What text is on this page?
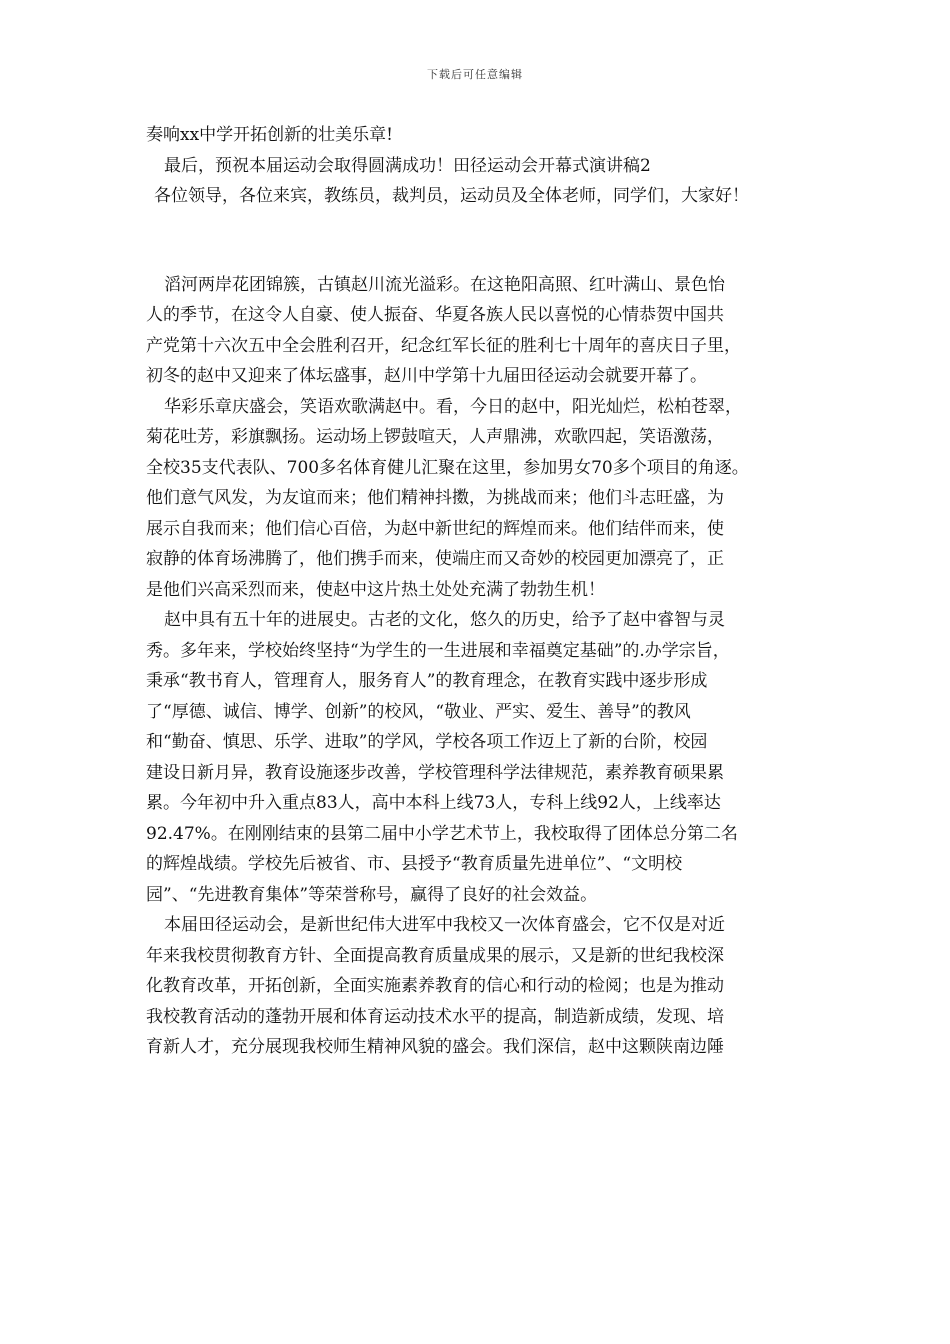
下载后可任意编辑
奏响xx中学开拓创新的壮美乐章!
最后，预祝本届运动会取得圆满成功！田径运动会开幕式演讲稿2
各位领导，各位来宾，教练员，裁判员，运动员及全体老师，同学们，大家好！
滔河两岸花团锦簇，古镇赵川流光溢彩。在这艳阳高照、红叶满山、景色怡
人的季节，在这令人自豪、使人振奋、华夏各族人民以喜悦的心情恭贺中国共
产党第十六次五中全会胜利召开，纪念红军长征的胜利七十周年的喜庆日子里，
初冬的赵中又迎来了体坛盛事，赵川中学第十九届田径运动会就要开幕了。
华彩乐章庆盛会，笑语欢歌满赵中。看，今日的赵中，阳光灿烂，松柏苍翠，
菊花吐芳，彩旗飘扬。运动场上锣鼓喧天，人声鼎沸，欢歌四起，笑语激荡，
全校35支代表队、700多名体育健儿汇聚在这里，参加男女70多个项目的角逐。
他们意气风发，为友谊而来；他们精神抖擞，为挑战而来；他们斗志旺盛，为
展示自我而来；他们信心百倍，为赵中新世纪的辉煌而来。他们结伴而来，使
寂静的体育场沸腾了，他们携手而来，使端庄而又奇妙的校园更加漂亮了，正
是他们兴高采烈而来，使赵中这片热土处处充满了勃勃生机！
赵中具有五十年的进展史。古老的文化，悠久的历史，给予了赵中睿智与灵
秀。多年来，学校始终坚持“为学生的一生进展和幸福奠定基础”的.办学宗旨，
秉承“教书育人，管理育人，服务育人”的教育理念，在教育实践中逐步形成
了“厚德、诚信、博学、创新”的校风，“敬业、严实、爱生、善导”的教风
和“勤奋、慎思、乐学、进取”的学风，学校各项工作迈上了新的台阶，校园
建设日新月异，教育设施逐步改善，学校管理科学法律规范，素养教育硕果累
累。今年初中升入重点83人，高中本科上线73人，专科上线92人，上线率达
92.47%。在刚刚结束的县第二届中小学艺术节上，我校取得了团体总分第二名
的辉煌战绩。学校先后被省、市、县授予“教育质量先进单位”、“文明校
园”、“先进教育集体”等荣誉称号，赢得了良好的社会效益。
本届田径运动会，是新世纪伟大进军中我校又一次体育盛会，它不仅是对近
年来我校贯彻教育方针、全面提高教育质量成果的展示，又是新的世纪我校深
化教育改革，开拓创新，全面实施素养教育的信心和行动的检阅；也是为推动
我校教育活动的蓬勃开展和体育运动技术水平的提高，制造新成绩，发现、培
育新人才，充分展现我校师生精神风貌的盛会。我们深信，赵中这颗陕南边陲
